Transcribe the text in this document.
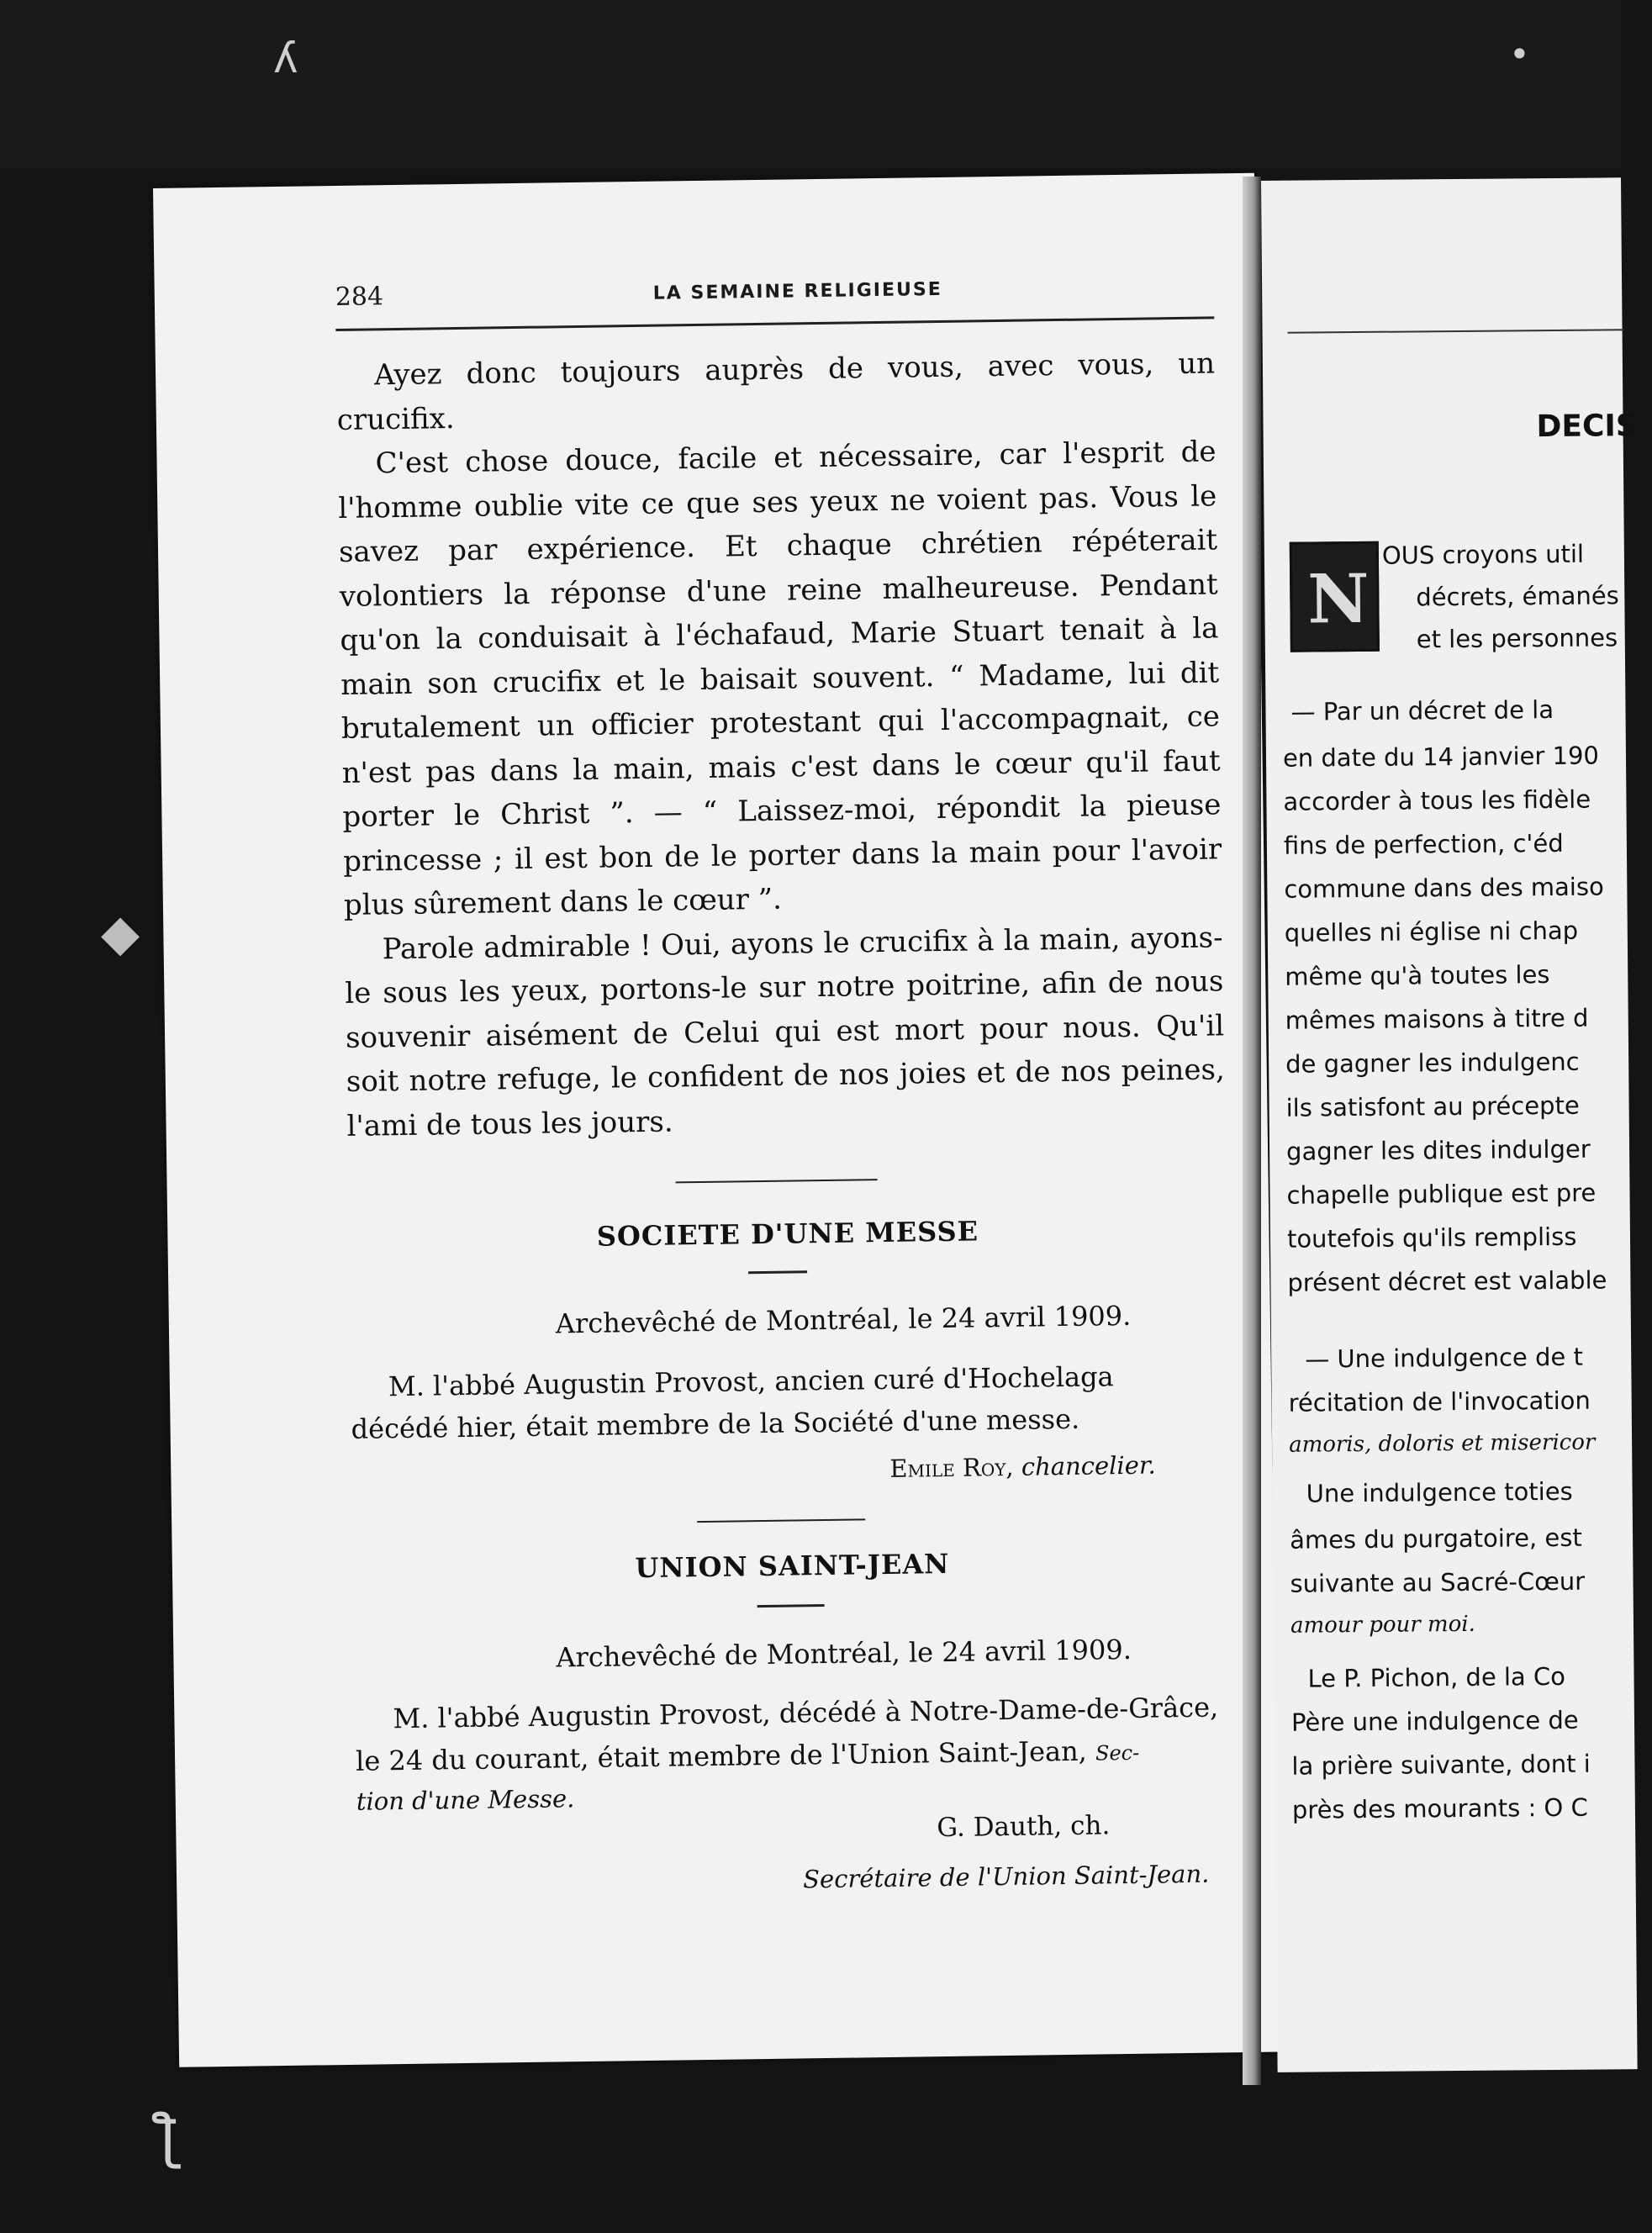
284	LA SEMAINE RELIGIEUSE

Ayez donc toujours auprès de vous, avec vous, un crucifix.

C'est chose douce, facile et nécessaire, car l'esprit de l'homme oublie vite ce que ses yeux ne voient pas. Vous le savez par expérience. Et chaque chrétien répéterait volontiers la réponse d'une reine malheureuse. Pendant qu'on la conduisait à l'échafaud, Marie Stuart tenait à la main son crucifix et le baisait souvent. “ Madame, lui dit brutalement un officier protestant qui l'accompagnait, ce n'est pas dans la main, mais c'est dans le cœur qu'il faut porter le Christ ”. — “ Laissez-moi, répondit la pieuse princesse ; il est bon de le porter dans la main pour l'avoir plus sûrement dans le cœur ”.

Parole admirable ! Oui, ayons le crucifix à la main, ayons-le sous les yeux, portons-le sur notre poitrine, afin de nous souvenir aisément de Celui qui est mort pour nous. Qu'il soit notre refuge, le confident de nos joies et de nos peines, l'ami de tous les jours.

SOCIETE D'UNE MESSE
Archevêché de Montréal, le 24 avril 1909.
M. l'abbé Augustin Provost, ancien curé d'Hochelaga
décédé hier, était membre de la Société d'une messe.
Emile Roy, chancelier.
UNION SAINT-JEAN
Archevêché de Montréal, le 24 avril 1909.
M. l'abbé Augustin Provost, décédé à Notre-Dame-de-Grâce,
le 24 du courant, était membre de l'Union Saint-Jean, Sec-
tion d'une Messe.
G. Dauth, ch.
Secrétaire de l'Union Saint-Jean.
DECIS
N
OUS croyons util
décrets, émanés
et les personnes
— Par un décret de la
en date du 14 janvier 190
accorder à tous les fidèle
fins de perfection, c'éd
commune dans des maiso
quelles ni église ni chap
même qu'à toutes les
mêmes maisons à titre d
de gagner les indulgenc
ils satisfont au précepte
gagner les dites indulger
chapelle publique est pre
toutefois qu'ils rempliss
présent décret est valable
— Une indulgence de t
récitation de l'invocation
amoris, doloris et misericor
Une indulgence toties
âmes du purgatoire, est
suivante au Sacré-Cœur
amour pour moi.
Le P. Pichon, de la Co
Père une indulgence de
la prière suivante, dont i
près des mourants : O C
ʎ	•
◆
ƪ
